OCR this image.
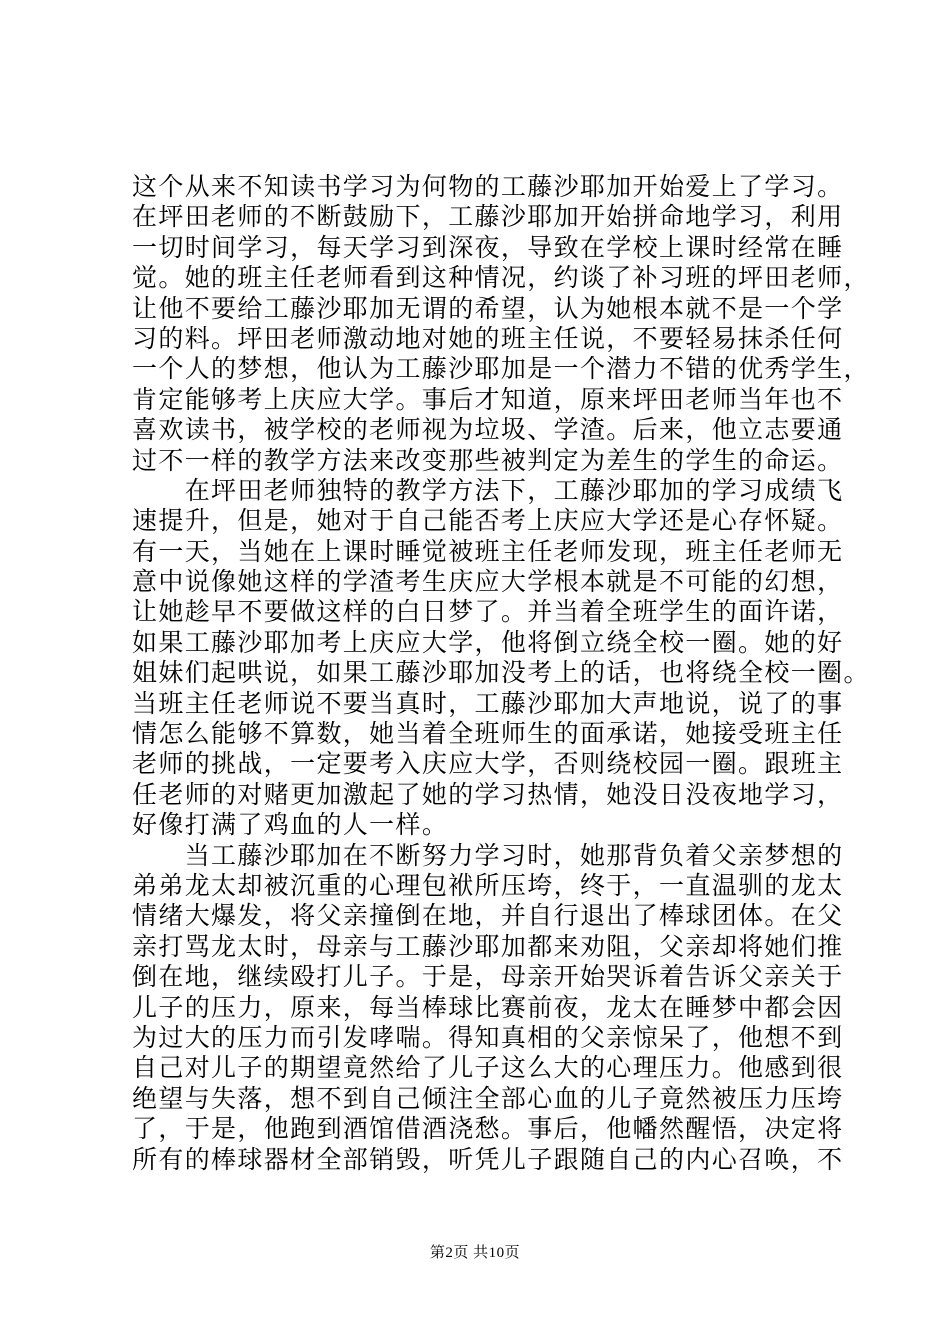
这个从来不知读书学习为何物的工藤沙耶加开始爱上了学习。
在坪田老师的不断鼓励下，工藤沙耶加开始拼命地学习，利用
一切时间学习，每天学习到深夜，导致在学校上课时经常在睡
觉。她的班主任老师看到这种情况，约谈了补习班的坪田老师，
让他不要给工藤沙耶加无谓的希望，认为她根本就不是一个学
习的料。坪田老师激动地对她的班主任说，不要轻易抹杀任何
一个人的梦想，他认为工藤沙耶加是一个潜力不错的优秀学生，
肯定能够考上庆应大学。事后才知道，原来坪田老师当年也不
喜欢读书，被学校的老师视为垃圾、学渣。后来，他立志要通
过不一样的教学方法来改变那些被判定为差生的学生的命运。
　　在坪田老师独特的教学方法下，工藤沙耶加的学习成绩飞
速提升，但是，她对于自己能否考上庆应大学还是心存怀疑。
有一天，当她在上课时睡觉被班主任老师发现，班主任老师无
意中说像她这样的学渣考生庆应大学根本就是不可能的幻想，
让她趁早不要做这样的白日梦了。并当着全班学生的面许诺，
如果工藤沙耶加考上庆应大学，他将倒立绕全校一圈。她的好
姐妹们起哄说，如果工藤沙耶加没考上的话，也将绕全校一圈。
当班主任老师说不要当真时，工藤沙耶加大声地说，说了的事
情怎么能够不算数，她当着全班师生的面承诺，她接受班主任
老师的挑战，一定要考入庆应大学，否则绕校园一圈。跟班主
任老师的对赌更加激起了她的学习热情，她没日没夜地学习，
好像打满了鸡血的人一样。
　　当工藤沙耶加在不断努力学习时，她那背负着父亲梦想的
弟弟龙太却被沉重的心理包袱所压垮，终于，一直温驯的龙太
情绪大爆发，将父亲撞倒在地，并自行退出了棒球团体。在父
亲打骂龙太时，母亲与工藤沙耶加都来劝阻，父亲却将她们推
倒在地，继续殴打儿子。于是，母亲开始哭诉着告诉父亲关于
儿子的压力，原来，每当棒球比赛前夜，龙太在睡梦中都会因
为过大的压力而引发哮喘。得知真相的父亲惊呆了，他想不到
自己对儿子的期望竟然给了儿子这么大的心理压力。他感到很
绝望与失落，想不到自己倾注全部心血的儿子竟然被压力压垮
了，于是，他跑到酒馆借酒浇愁。事后，他幡然醒悟，决定将
所有的棒球器材全部销毁，听凭儿子跟随自己的内心召唤，不
第2页 共10页
